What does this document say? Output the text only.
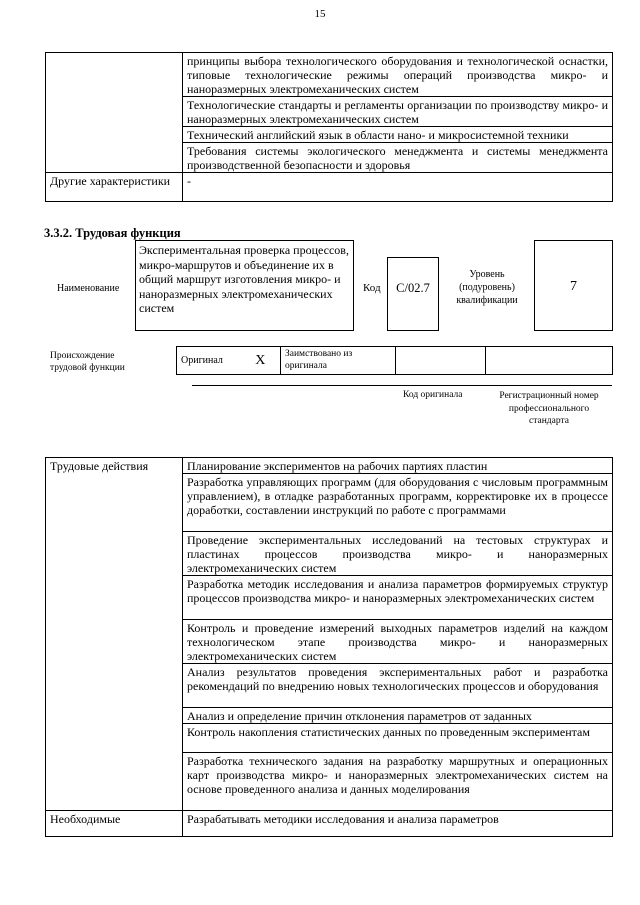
15
	принципы выбора технологического оборудования и технологической оснастки, типовые технологические режимы операций производства микро- и наноразмерных электромеханических систем
	Технологические стандарты и регламенты организации по производству микро- и наноразмерных электромеханических систем
	Технический английский язык в области нано- и микросистемной техники
	Требования системы экологического менеджмента и системы менеджмента производственной безопасности и здоровья
Другие характеристики	-
3.3.2. Трудовая функция
Наименование
Экспериментальная проверка процессов, микро-маршрутов и объединение их в общий маршрут изготовления микро- и наноразмерных электромеханических систем
Код	С/02.7
Уровень (подуровень) квалификации
7
Происхождение трудовой функции
Оригинал	X	Заимствовано из оригинала		
Код оригинала	Регистрационный номер профессионального стандарта
Трудовые действия	Планирование экспериментов на рабочих партиях пластин
	Разработка управляющих программ (для оборудования с числовым программным управлением), в отладке разработанных программ, корректировке их в процессе доработки, составлении инструкций по работе с программами
	Проведение экспериментальных исследований на тестовых структурах и пластинах процессов производства микро- и наноразмерных электромеханических систем
	Разработка методик исследования и анализа параметров формируемых структур процессов производства микро- и наноразмерных электромеханических систем
	Контроль и проведение измерений выходных параметров изделий на каждом технологическом этапе производства микро- и наноразмерных электромеханических систем
	Анализ результатов проведения экспериментальных работ и разработка рекомендаций по внедрению новых технологических процессов и оборудования
	Анализ и определение причин отклонения параметров от заданных
	Контроль накопления статистических данных по проведенным экспериментам
	Разработка технического задания на разработку маршрутных и операционных карт производства микро- и наноразмерных электромеханических систем на основе проведенного анализа и данных моделирования
Необходимые	Разрабатывать методики исследования и анализа параметров
